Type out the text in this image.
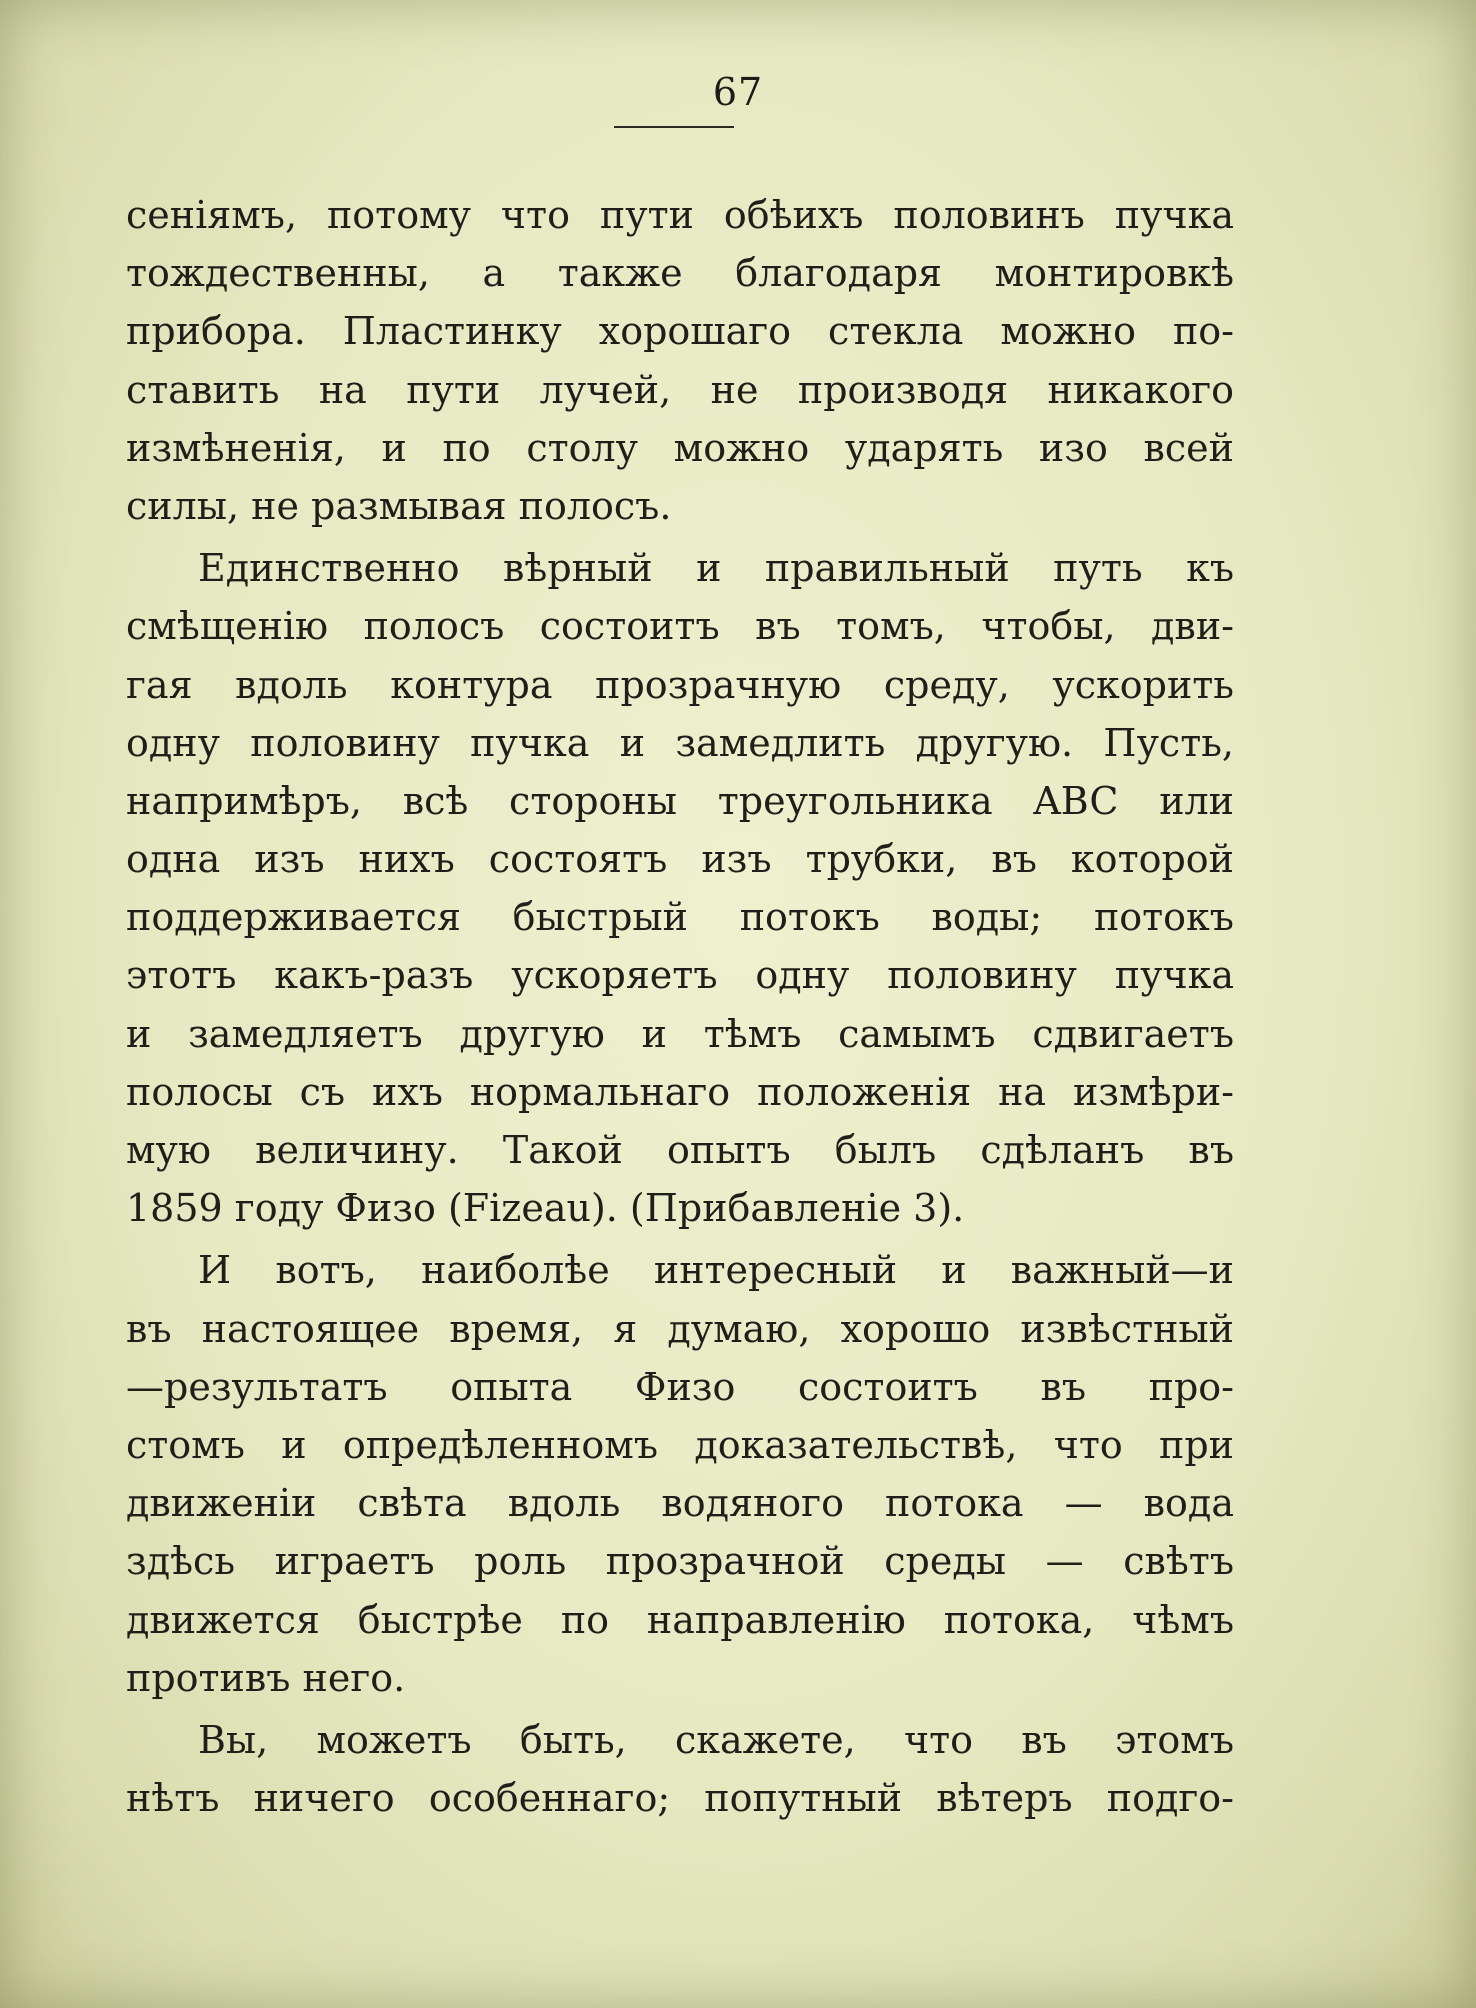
67
сеніямъ, потому что пути обѣихъ половинъ пучка
тождественны, а также благодаря монтировкѣ
прибора. Пластинку хорошаго стекла можно по-
ставить на пути лучей, не производя никакого
измѣненія, и по столу можно ударять изо всей
силы, не размывая полосъ.
Единственно вѣрный и правильный путь къ
смѣщенію полосъ состоитъ въ томъ, чтобы, дви-
гая вдоль контура прозрачную среду, ускорить
одну половину пучка и замедлить другую. Пусть,
напримѣръ, всѣ стороны треугольника ABC или
одна изъ нихъ состоятъ изъ трубки, въ которой
поддерживается быстрый потокъ воды; потокъ
этотъ какъ-разъ ускоряетъ одну половину пучка
и замедляетъ другую и тѣмъ самымъ сдвигаетъ
полосы съ ихъ нормальнаго положенія на измѣри-
мую величину. Такой опытъ былъ сдѣланъ въ
1859 году Физо (Fizeau). (Прибавленіе 3).
И вотъ, наиболѣе интересный и важный—и
въ настоящее время, я думаю, хорошо извѣстный
—результатъ опыта Физо состоитъ въ про-
стомъ и опредѣленномъ доказательствѣ, что при
движеніи свѣта вдоль водяного потока — вода
здѣсь играетъ роль прозрачной среды — свѣтъ
движется быстрѣе по направленію потока, чѣмъ
противъ него.
Вы, можетъ быть, скажете, что въ этомъ
нѣтъ ничего особеннаго; попутный вѣтеръ подго-
